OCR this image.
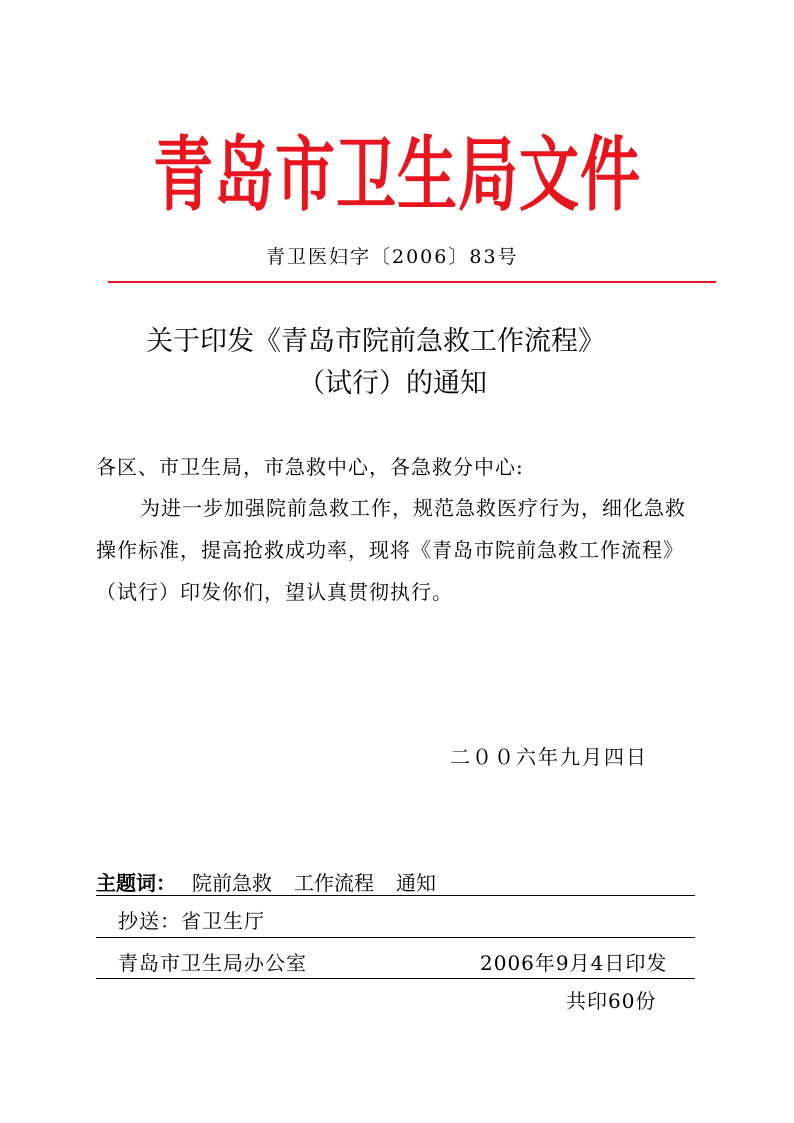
青岛市卫生局文件
青卫医妇字〔2006〕83号
关于印发《青岛市院前急救工作流程》
（试行）的通知
各区、市卫生局，市急救中心，各急救分中心:
为进一步加强院前急救工作，规范急救医疗行为，细化急救
操作标准，提高抢救成功率，现将《青岛市院前急救工作流程》
（试行）印发你们，望认真贯彻执行。
二００六年九月四日
主题词： 院前急救 工作流程 通知
抄送：省卫生厅
青岛市卫生局办公室	2006年9月4日印发
共印60份
